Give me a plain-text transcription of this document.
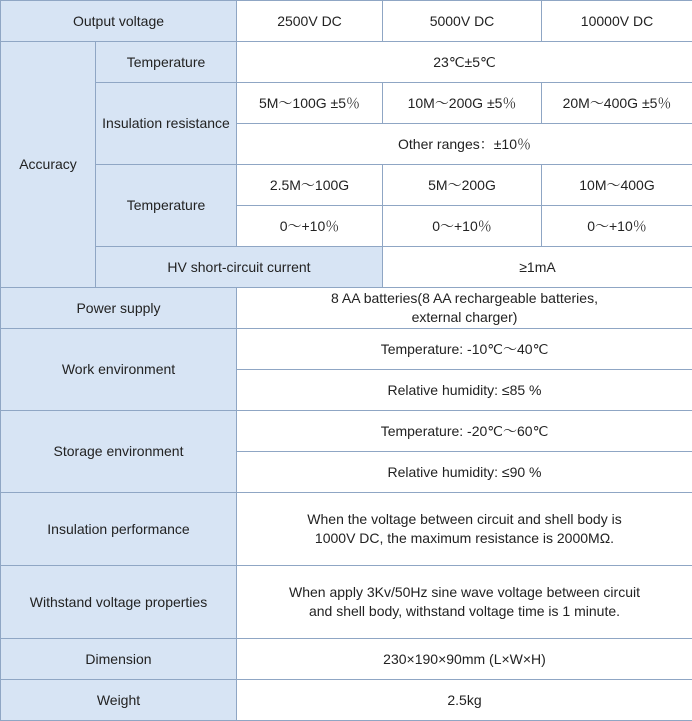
Output voltage		2500V DC	5000V DC	10000V DC
Accuracy	Temperature	23℃±5℃		
	Insulation resistance	5M～100G ±5％	10M～200G ±5％	20M～400G ±5％
		Other ranges：±10％		
	Temperature	2.5M～100G	5M～200G	10M～400G
		0～+10％	0～+10％	0～+10％
	HV short-circuit current		≥1mA	
Power supply		8 AA batteries(8 AA rechargeable batteries,
external charger)		
Work environment		Temperature: -10℃～40℃		
		Relative humidity: ≤85 %		
Storage environment		Temperature: -20℃～60℃		
		Relative humidity: ≤90 %		
Insulation performance		When the voltage between circuit and shell body is
1000V DC, the maximum resistance is 2000MΩ.		
Withstand voltage properties		When apply 3Kv/50Hz sine wave voltage between circuit
and shell body, withstand voltage time is 1 minute.		
Dimension		230×190×90mm (L×W×H)		
Weight		2.5kg		
